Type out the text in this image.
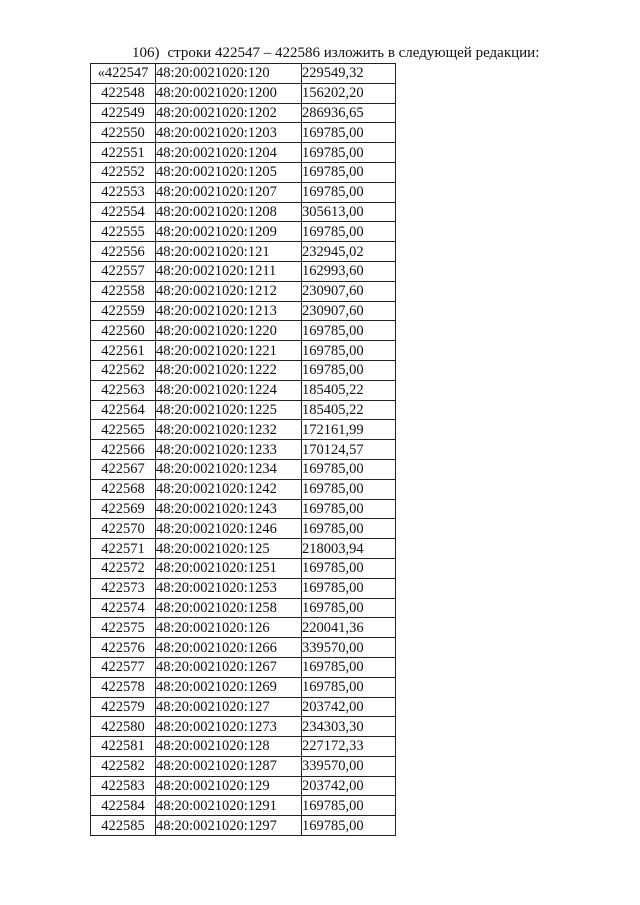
106) строки 422547 – 422586 изложить в следующей редакции:
«422547	48:20:0021020:120	229549,32
422548	48:20:0021020:1200	156202,20
422549	48:20:0021020:1202	286936,65
422550	48:20:0021020:1203	169785,00
422551	48:20:0021020:1204	169785,00
422552	48:20:0021020:1205	169785,00
422553	48:20:0021020:1207	169785,00
422554	48:20:0021020:1208	305613,00
422555	48:20:0021020:1209	169785,00
422556	48:20:0021020:121	232945,02
422557	48:20:0021020:1211	162993,60
422558	48:20:0021020:1212	230907,60
422559	48:20:0021020:1213	230907,60
422560	48:20:0021020:1220	169785,00
422561	48:20:0021020:1221	169785,00
422562	48:20:0021020:1222	169785,00
422563	48:20:0021020:1224	185405,22
422564	48:20:0021020:1225	185405,22
422565	48:20:0021020:1232	172161,99
422566	48:20:0021020:1233	170124,57
422567	48:20:0021020:1234	169785,00
422568	48:20:0021020:1242	169785,00
422569	48:20:0021020:1243	169785,00
422570	48:20:0021020:1246	169785,00
422571	48:20:0021020:125	218003,94
422572	48:20:0021020:1251	169785,00
422573	48:20:0021020:1253	169785,00
422574	48:20:0021020:1258	169785,00
422575	48:20:0021020:126	220041,36
422576	48:20:0021020:1266	339570,00
422577	48:20:0021020:1267	169785,00
422578	48:20:0021020:1269	169785,00
422579	48:20:0021020:127	203742,00
422580	48:20:0021020:1273	234303,30
422581	48:20:0021020:128	227172,33
422582	48:20:0021020:1287	339570,00
422583	48:20:0021020:129	203742,00
422584	48:20:0021020:1291	169785,00
422585	48:20:0021020:1297	169785,00
